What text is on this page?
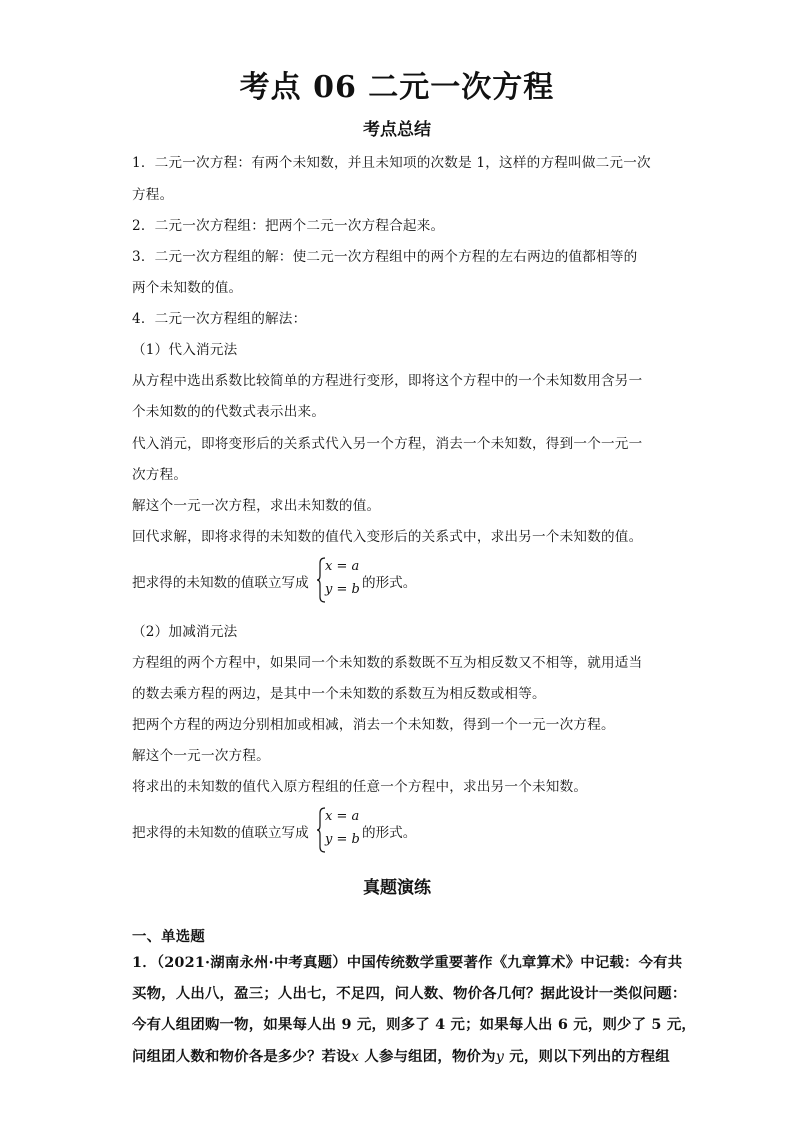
考点 06 二元一次方程
考点总结
1．二元一次方程：有两个未知数，并且未知项的次数是 1，这样的方程叫做二元一次
方程。
2．二元一次方程组：把两个二元一次方程合起来。
3．二元一次方程组的解：使二元一次方程组中的两个方程的左右两边的值都相等的
两个未知数的值。
4．二元一次方程组的解法：
（1）代入消元法
从方程中选出系数比较简单的方程进行变形，即将这个方程中的一个未知数用含另一
个未知数的的代数式表示出来。
代入消元，即将变形后的关系式代入另一个方程，消去一个未知数，得到一个一元一
次方程。
解这个一元一次方程，求出未知数的值。
回代求解，即将求得的未知数的值代入变形后的关系式中，求出另一个未知数的值。
把求得的未知数的值联立写成
x = a
y = b 的形式。
（2）加减消元法
方程组的两个方程中，如果同一个未知数的系数既不互为相反数又不相等，就用适当
的数去乘方程的两边，是其中一个未知数的系数互为相反数或相等。
把两个方程的两边分别相加或相减，消去一个未知数，得到一个一元一次方程。
解这个一元一次方程。
将求出的未知数的值代入原方程组的任意一个方程中，求出另一个未知数。
把求得的未知数的值联立写成
x = a
y = b 的形式。
真题演练
一、单选题
1．（2021·湖南永州·中考真题）中国传统数学重要著作《九章算术》中记载：今有共
买物，人出八，盈三；人出七，不足四，问人数、物价各几何？据此设计一类似问题：
今有人组团购一物，如果每人出 9 元，则多了 4 元；如果每人出 6 元，则少了 5 元，
问组团人数和物价各是多少？若设x 人参与组团，物价为y 元，则以下列出的方程组
